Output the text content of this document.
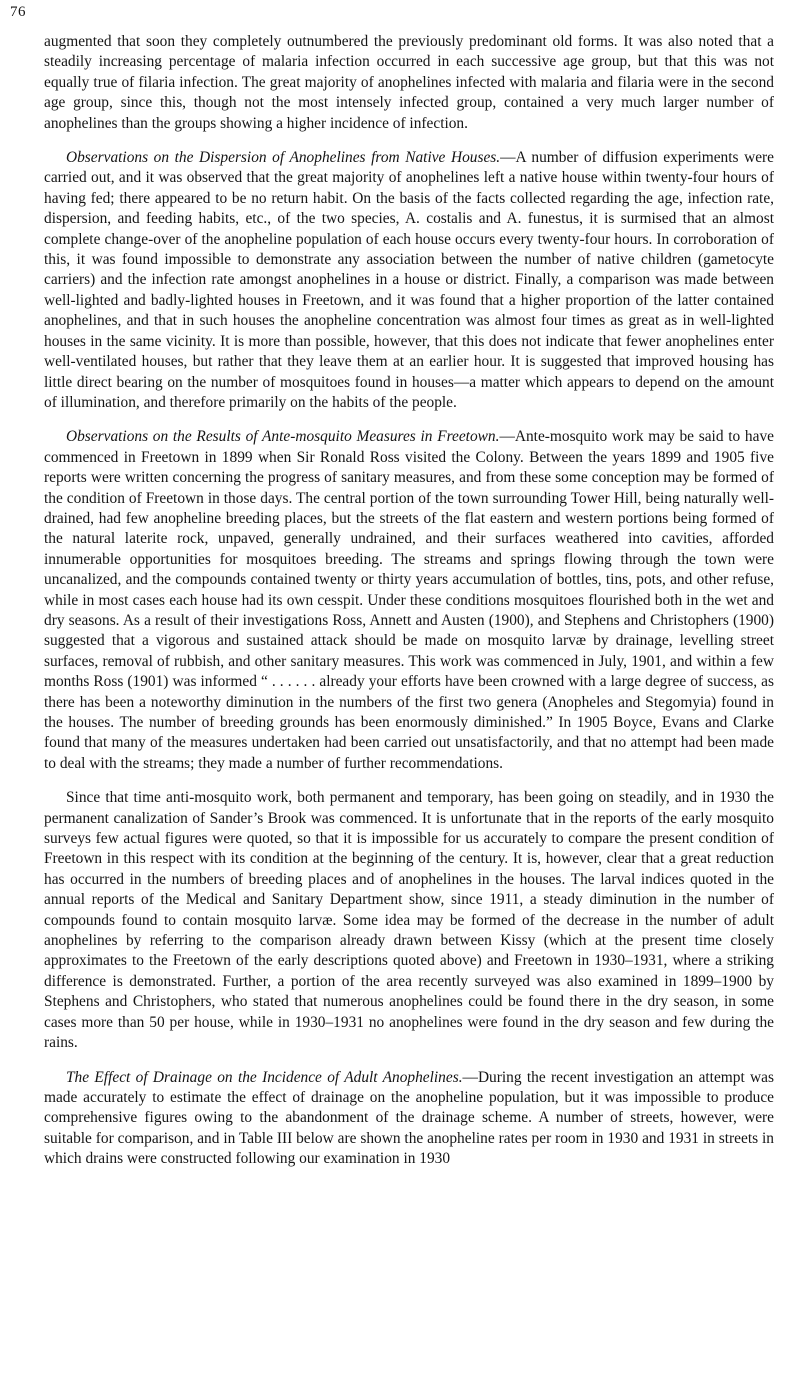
76

augmented that soon they completely outnumbered the previously predominant old forms. It was also noted that a steadily increasing percentage of malaria infection occurred in each successive age group, but that this was not equally true of filaria infection. The great majority of anophelines infected with malaria and filaria were in the second age group, since this, though not the most intensely infected group, contained a very much larger number of anophelines than the groups showing a higher incidence of infection.

Observations on the Dispersion of Anophelines from Native Houses.—A number of diffusion experiments were carried out, and it was observed that the great majority of anophelines left a native house within twenty-four hours of having fed; there appeared to be no return habit. On the basis of the facts collected regarding the age, infection rate, dispersion, and feeding habits, etc., of the two species, A. costalis and A. funestus, it is surmised that an almost complete change-over of the anopheline population of each house occurs every twenty-four hours. In corroboration of this, it was found impossible to demonstrate any association between the number of native children (gametocyte carriers) and the infection rate amongst anophelines in a house or district. Finally, a comparison was made between well-lighted and badly-lighted houses in Freetown, and it was found that a higher proportion of the latter contained anophelines, and that in such houses the anopheline concentration was almost four times as great as in well-lighted houses in the same vicinity. It is more than possible, however, that this does not indicate that fewer anophelines enter well-ventilated houses, but rather that they leave them at an earlier hour. It is suggested that improved housing has little direct bearing on the number of mosquitoes found in houses—a matter which appears to depend on the amount of illumination, and therefore primarily on the habits of the people.

Observations on the Results of Ante-mosquito Measures in Freetown.—Ante-mosquito work may be said to have commenced in Freetown in 1899 when Sir Ronald Ross visited the Colony. Between the years 1899 and 1905 five reports were written concerning the progress of sanitary measures, and from these some conception may be formed of the condition of Freetown in those days. The central portion of the town surrounding Tower Hill, being naturally well-drained, had few anopheline breeding places, but the streets of the flat eastern and western portions being formed of the natural laterite rock, unpaved, generally undrained, and their surfaces weathered into cavities, afforded innumerable opportunities for mosquitoes breeding. The streams and springs flowing through the town were uncanalized, and the compounds contained twenty or thirty years accumulation of bottles, tins, pots, and other refuse, while in most cases each house had its own cesspit. Under these conditions mosquitoes flourished both in the wet and dry seasons. As a result of their investigations Ross, Annett and Austen (1900), and Stephens and Christophers (1900) suggested that a vigorous and sustained attack should be made on mosquito larvæ by drainage, levelling street surfaces, removal of rubbish, and other sanitary measures. This work was commenced in July, 1901, and within a few months Ross (1901) was informed “ . . . . . . already your efforts have been crowned with a large degree of success, as there has been a noteworthy diminution in the numbers of the first two genera (Anopheles and Stegomyia) found in the houses. The number of breeding grounds has been enormously diminished.” In 1905 Boyce, Evans and Clarke found that many of the measures undertaken had been carried out unsatisfactorily, and that no attempt had been made to deal with the streams; they made a number of further recommendations.

Since that time anti-mosquito work, both permanent and temporary, has been going on steadily, and in 1930 the permanent canalization of Sander’s Brook was commenced. It is unfortunate that in the reports of the early mosquito surveys few actual figures were quoted, so that it is impossible for us accurately to compare the present condition of Freetown in this respect with its condition at the beginning of the century. It is, however, clear that a great reduction has occurred in the numbers of breeding places and of anophelines in the houses. The larval indices quoted in the annual reports of the Medical and Sanitary Department show, since 1911, a steady diminution in the number of compounds found to contain mosquito larvæ. Some idea may be formed of the decrease in the number of adult anophelines by referring to the comparison already drawn between Kissy (which at the present time closely approximates to the Freetown of the early descriptions quoted above) and Freetown in 1930–1931, where a striking difference is demonstrated. Further, a portion of the area recently surveyed was also examined in 1899–1900 by Stephens and Christophers, who stated that numerous anophelines could be found there in the dry season, in some cases more than 50 per house, while in 1930–1931 no anophelines were found in the dry season and few during the rains.

The Effect of Drainage on the Incidence of Adult Anophelines.—During the recent investigation an attempt was made accurately to estimate the effect of drainage on the anopheline population, but it was impossible to produce comprehensive figures owing to the abandonment of the drainage scheme. A number of streets, however, were suitable for comparison, and in Table III below are shown the anopheline rates per room in 1930 and 1931 in streets in which drains were constructed following our examination in 1930
